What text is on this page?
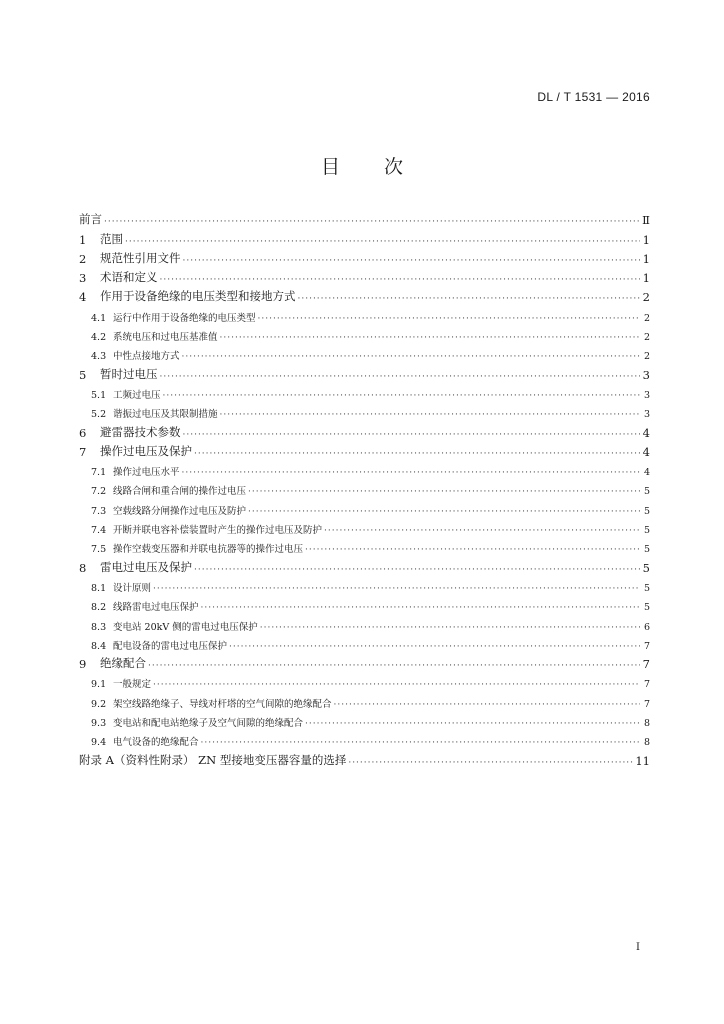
DL / T 1531 — 2016
目 次
前言 ·····	Ⅱ
1	范围 ·····	1
2	规范性引用文件 ·····	1
3	术语和定义 ·····	1
4	作用于设备绝缘的电压类型和接地方式 ·····	2
4.1 运行中作用于设备绝缘的电压类型 ·····	2
4.2 系统电压和过电压基准值 ·····	2
4.3 中性点接地方式 ·····	2
5	暂时过电压 ·····	3
5.1 工频过电压 ·····	3
5.2 谐振过电压及其限制措施 ·····	3
6	避雷器技术参数 ·····	4
7	操作过电压及保护 ·····	4
7.1 操作过电压水平 ·····	4
7.2 线路合闸和重合闸的操作过电压 ·····	5
7.3 空载线路分闸操作过电压及防护 ·····	5
7.4 开断并联电容补偿装置时产生的操作过电压及防护 ·····	5
7.5 操作空载变压器和并联电抗器等的操作过电压 ·····	5
8	雷电过电压及保护 ·····	5
8.1 设计原则 ·····	5
8.2 线路雷电过电压保护 ·····	5
8.3 变电站 20kV 侧的雷电过电压保护 ·····	6
8.4 配电设备的雷电过电压保护 ·····	7
9	绝缘配合 ·····	7
9.1 一般规定 ·····	7
9.2 架空线路绝缘子、导线对杆塔的空气间隙的绝缘配合 ·····	7
9.3 变电站和配电站绝缘子及空气间隙的绝缘配合 ·····	8
9.4 电气设备的绝缘配合 ·····	8
附录 A（资料性附录） ZN 型接地变压器容量的选择 ·····	11
I
